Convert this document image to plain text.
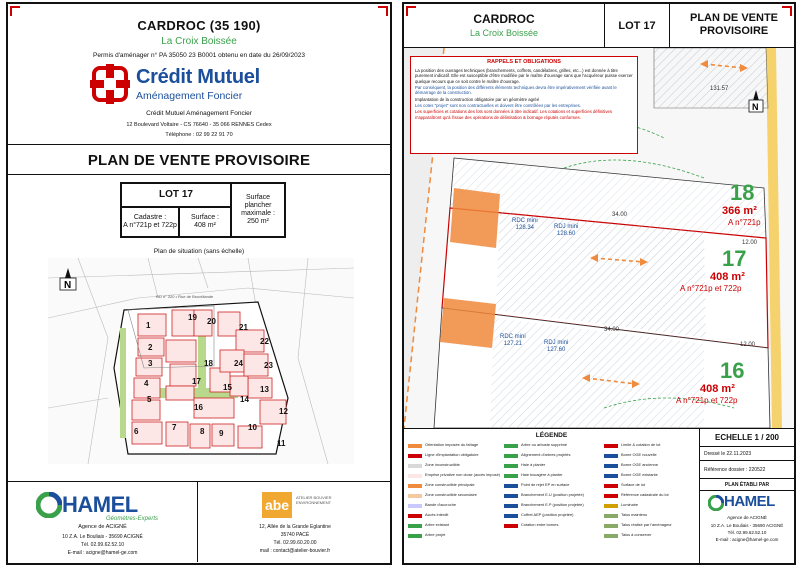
CARDROC (35 190)
La Croix Boissée
Permis d'aménager n° PA 35050 23 B0001 obtenu en date du 26/09/2023
Crédit Mutuel
Aménagement Foncier
Crédit Mutuel Aménagement Foncier
12 Boulevard Voltaire - CS 76640 - 35 066 RENNES Cedex
Téléphone : 02 99 22 91 70
PLAN DE VENTE PROVISOIRE
LOT 17
Cadastre :
A n°721p et 722p
Surface :
408 m²
Surface
plancher
maximale :
250 m²
Plan de situation (sans échelle)
5
3
1
2
4
6	7	8 9
10
11
12
13
14
15
16
17
18
19 20
21
22
23
24
RD n° 220 • Rue de Brocéliande
N
HAMEL
Géomètres-Experts
Agence de ACIGNÉ
10 Z.A. Le Bouliais - 35690 ACIGNÉ
Tél. 02.99.62.52.10
E-mail : acigne@hamel-ge.com
abe	ATELIER BOUVIER ENVIRONNEMENT
12, Allée de la Grande Eglantine
35740 PACÉ
Tél. 02.99.60.20.00
mail : contact@atelier-bouvier.fr
CARDROC
La Croix Boissée
LOT 17
PLAN DE VENTE PROVISOIRE
N
RAPPELS ET OBLIGATIONS

La position des ouvrages techniques (branchements, coffrets, candélabres, grilles, etc...) est donnée à titre purement indicatif. Elle est susceptible d'être modifiée par le maître d'ouvrage sans que l'acquéreur puisse exercer quelque recours que ce soit contre le maître d'ouvrage.

Par conséquent, la position des différents éléments techniques devra être impérativement vérifiée avant le démarrage de la construction.

Implantation de la construction obligatoire par un géomètre agréé

Les cotes "projet" sont non contractuelles et doivent être contrôlées par les entreprises.

Les superficies et cotations des lots sont données à titre indicatif. Les cotations et superficies définitives n'apparaîtront qu'à l'issue des opérations de délimitation & bornage réputés conformes.

18
366 m²
A n°721p
17
408 m²
A n°721p et 722p
16
408 m²
A n°721p et 722p
RDC mini
128.34	RDJ mini
128.60
RDC mini
127.21	RDJ mini
127.60
34.00
34.00
12.00
12.00
131.57
LÉGENDE
Orientation imposée du faîtage
Ligne d'implantation obligatoire
Zone inconstructible
Emprise privative non close (accès imposé)
Zone constructible principale
Zone constructible secondaire
Bande d'accroche
Accès interdit
Arbre existant
Arbre projet
Arbre ou arbuste supprimé
Alignement d'arbres projetés
Haie à planter
Haie bocagère à planter
Point de rejet EP en surface
Branchement E.U (position projetée)
Branchement E.P (position projetée)
Coffret AEP (position projetée)
Cotation entre bornes
Limite & cotation de lot
Borne OGE nouvelle
Borne OGE ancienne
Borne OGE existante
Surface de lot
Référence cadastrale du lot
Luminaire
Talus maintenu
Talus réalisé par l'aménageur
Talus à conserver
ECHELLE 1 / 200
Dressé le 22.11.2023
Référence dossier : 220522
PLAN ÉTABLI PAR
HAMEL
Agence de ACIGNÉ
10 Z.A. Le Bouliais - 35690 ACIGNÉ
Tél. 02.99.62.52.10
E-mail : acigne@hamel-ge.com
